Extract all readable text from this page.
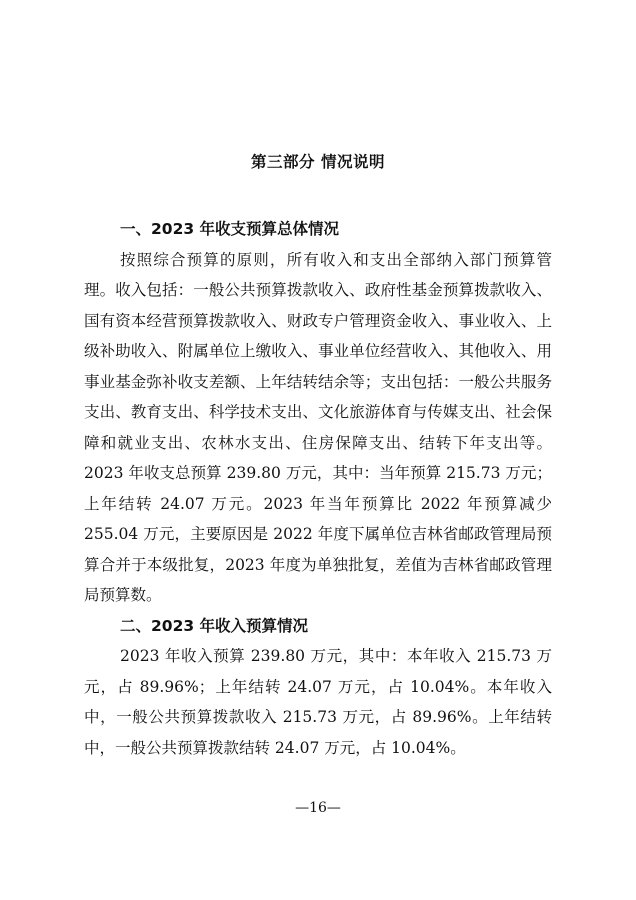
第三部分 情况说明
一、2023 年收支预算总体情况
按照综合预算的原则，所有收入和支出全部纳入部门预算管理。收入包括：一般公共预算拨款收入、政府性基金预算拨款收入、国有资本经营预算拨款收入、财政专户管理资金收入、事业收入、上级补助收入、附属单位上缴收入、事业单位经营收入、其他收入、用事业基金弥补收支差额、上年结转结余等；支出包括：一般公共服务支出、教育支出、科学技术支出、文化旅游体育与传媒支出、社会保障和就业支出、农林水支出、住房保障支出、结转下年支出等。2023 年收支总预算 239.80 万元，其中：当年预算 215.73 万元；上年结转 24.07 万元。2023 年当年预算比 2022 年预算减少 255.04 万元，主要原因是 2022 年度下属单位吉林省邮政管理局预算合并于本级批复，2023 年度为单独批复，差值为吉林省邮政管理局预算数。
二、2023 年收入预算情况
2023 年收入预算 239.80 万元，其中：本年收入 215.73 万元，占 89.96%；上年结转 24.07 万元，占 10.04%。本年收入中，一般公共预算拨款收入 215.73 万元，占 89.96%。上年结转中，一般公共预算拨款结转 24.07 万元，占 10.04%。
—16—
